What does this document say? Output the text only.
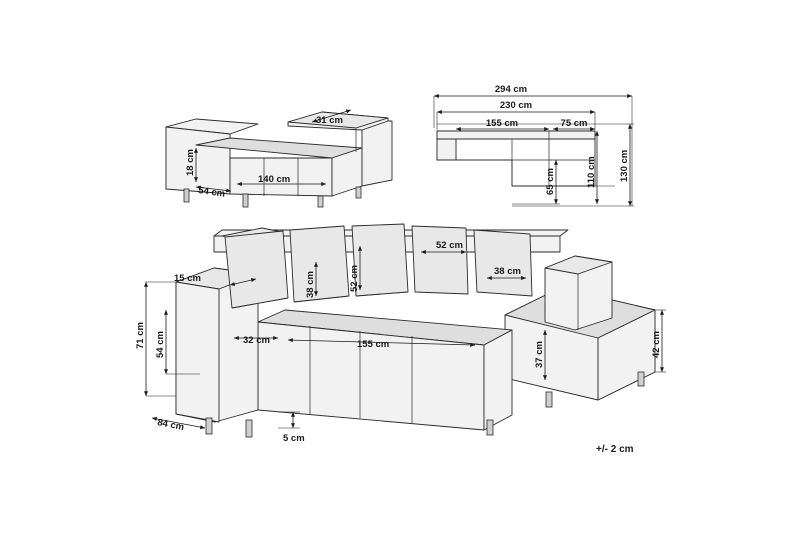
31 cm
18 cm
54 cm
140 cm
294 cm
230 cm
155 cm	75 cm
65 cm	110 cm 130 cm
15 cm	38 cm	52 cm
52 cm
38 cm
71 cm 54 cm	32 cm	155 cm	37 cm	42 cm
84 cm
5 cm
+/- 2 cm
